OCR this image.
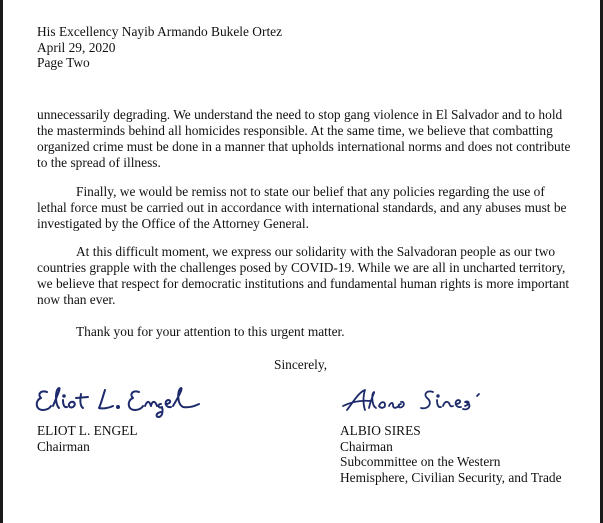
His Excellency Nayib Armando Bukele Ortez
April 29, 2020
Page Two

unnecessarily degrading. We understand the need to stop gang violence in El Salvador and to hold the masterminds behind all homicides responsible. At the same time, we believe that combatting organized crime must be done in a manner that upholds international norms and does not contribute to the spread of illness.

Finally, we would be remiss not to state our belief that any policies regarding the use of lethal force must be carried out in accordance with international standards, and any abuses must be investigated by the Office of the Attorney General.

At this difficult moment, we express our solidarity with the Salvadoran people as our two countries grapple with the challenges posed by COVID-19. While we are all in uncharted territory, we believe that respect for democratic institutions and fundamental human rights is more important now than ever.

Thank you for your attention to this urgent matter.

Sincerely,
ELIOT L. ENGEL
Chairman
ALBIO SIRES
Chairman
Subcommittee on the Western
Hemisphere, Civilian Security, and Trade
